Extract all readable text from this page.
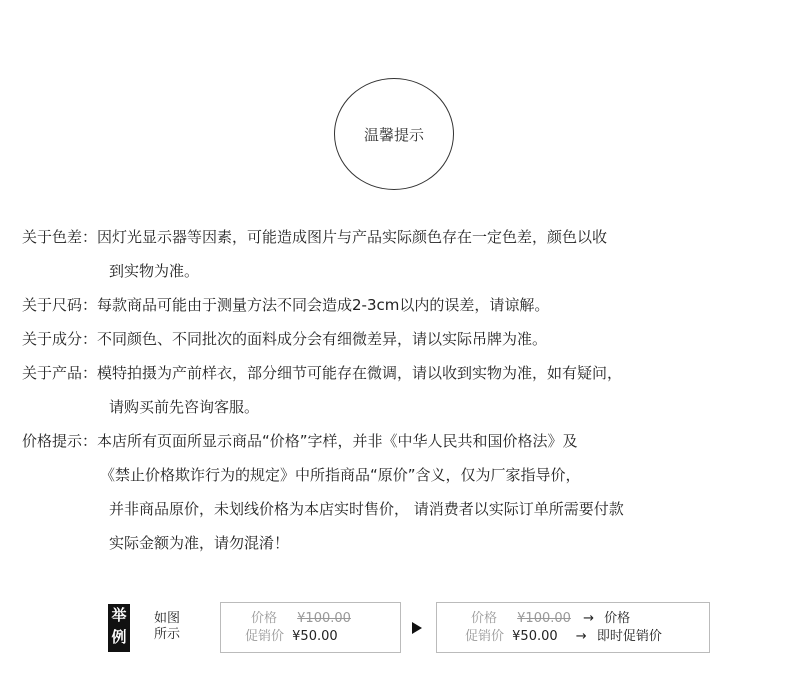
温馨提示
关于色差： 因灯光显示器等因素，可能造成图片与产品实际颜色存在一定色差，颜色以收
到实物为准。
关于尺码： 每款商品可能由于测量方法不同会造成2-3cm以内的误差，请谅解。
关于成分： 不同颜色、不同批次的面料成分会有细微差异，请以实际吊牌为准。
关于产品： 模特拍摄为产前样衣，部分细节可能存在微调，请以收到实物为准，如有疑问，
请购买前先咨询客服。
价格提示： 本店所有页面所显示商品“价格”字样，并非《中华人民共和国价格法》及
《禁止价格欺诈行为的规定》中所指商品“原价”含义，仅为厂家指导价，
并非商品原价，未划线价格为本店实时售价， 请消费者以实际订单所需要付款
实际金额为准，请勿混淆！
举
例
如图
所示
价格 ¥100.00
促销价 ¥50.00
价格 ¥100.00 → 价格
促销价 ¥50.00 → 即时促销价
